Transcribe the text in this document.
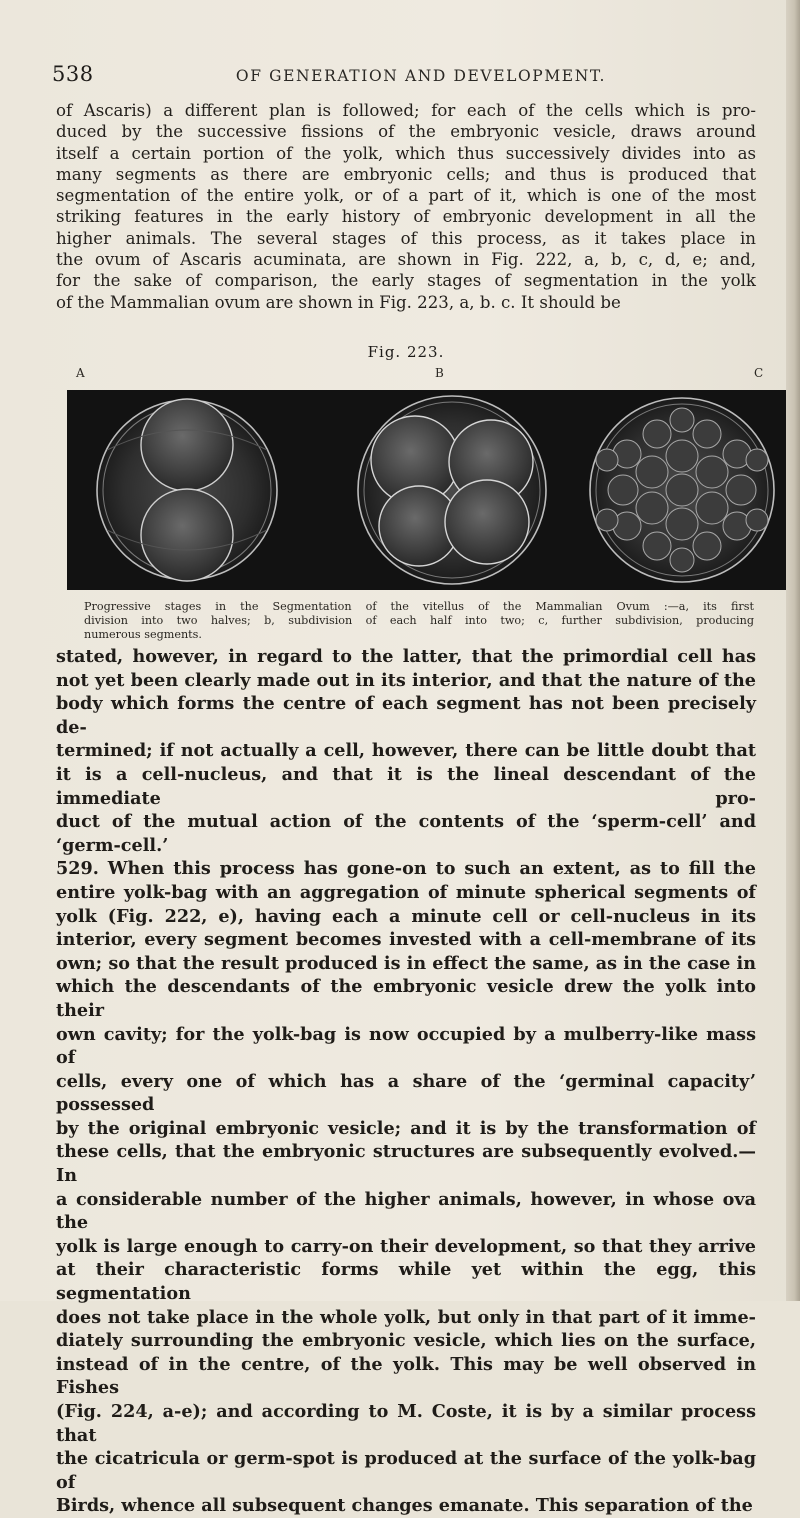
538	OF GENERATION AND DEVELOPMENT.

of Ascaris) a different plan is followed; for each of the cells which is pro-
duced by the successive fissions of the embryonic vesicle, draws around
itself a certain portion of the yolk, which thus successively divides into as
many segments as there are embryonic cells; and thus is produced that
segmentation of the entire yolk, or of a part of it, which is one of the most
striking features in the early history of embryonic development in all the
higher animals. The several stages of this process, as it takes place in
the ovum of Ascaris acuminata, are shown in Fig. 222, a, b, c, d, e; and,
for the sake of comparison, the early stages of segmentation in the yolk
of the Mammalian ovum are shown in Fig. 223, a, b. c. It should be

Fig. 223.
A	B	C
Progressive stages in the Segmentation of the vitellus of the Mammalian Ovum :—a, its first
division into two halves; b, subdivision of each half into two; c, further subdivision, producing
numerous segments.

stated, however, in regard to the latter, that the primordial cell has
not yet been clearly made out in its interior, and that the nature of the
body which forms the centre of each segment has not been precisely de-
termined; if not actually a cell, however, there can be little doubt that
it is a cell-nucleus, and that it is the lineal descendant of the immediate pro-
duct of the mutual action of the contents of the ‘sperm-cell’ and ‘germ-cell.’
529. When this process has gone-on to such an extent, as to fill the
entire yolk-bag with an aggregation of minute spherical segments of
yolk (Fig. 222, e), having each a minute cell or cell-nucleus in its
interior, every segment becomes invested with a cell-membrane of its
own; so that the result produced is in effect the same, as in the case in
which the descendants of the embryonic vesicle drew the yolk into their
own cavity; for the yolk-bag is now occupied by a mulberry-like mass of
cells, every one of which has a share of the ‘germinal capacity’ possessed
by the original embryonic vesicle; and it is by the transformation of
these cells, that the embryonic structures are subsequently evolved.—In
a considerable number of the higher animals, however, in whose ova the
yolk is large enough to carry-on their development, so that they arrive
at their characteristic forms while yet within the egg, this segmentation
does not take place in the whole yolk, but only in that part of it imme-
diately surrounding the embryonic vesicle, which lies on the surface,
instead of in the centre, of the yolk. This may be well observed in Fishes
(Fig. 224, a-e); and according to M. Coste, it is by a similar process that
the cicatricula or germ-spot is produced at the surface of the yolk-bag of
Birds, whence all subsequent changes emanate. This separation of the
